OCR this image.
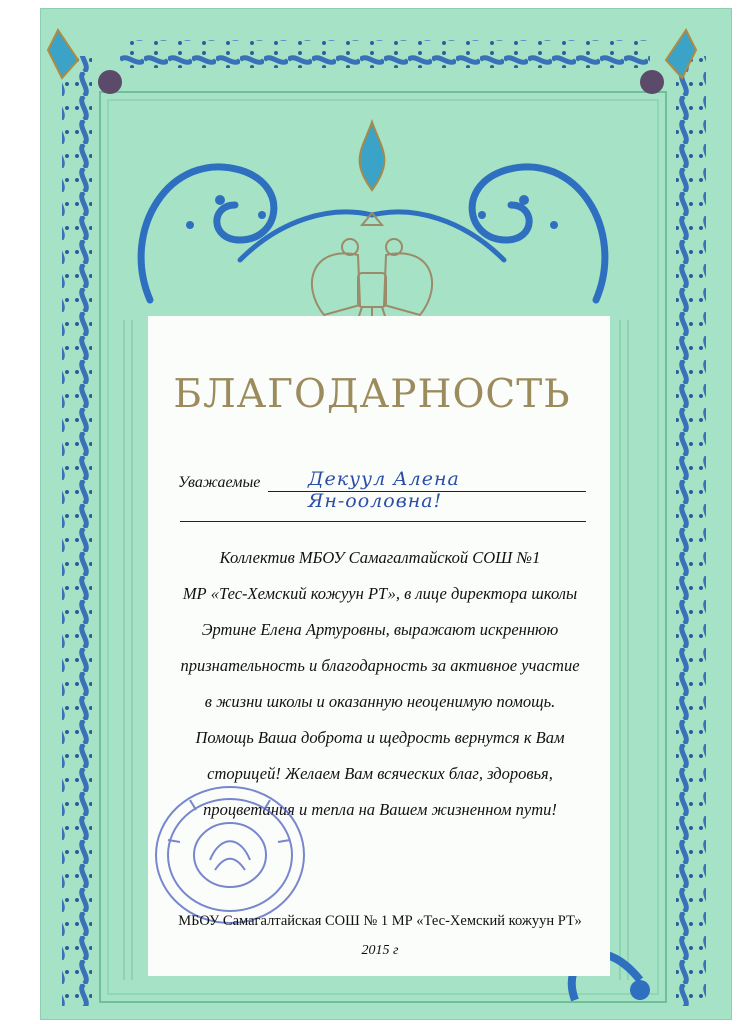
БЛАГОДАРНОСТЬ
Уважаемые	Декуул Алена Ян‑ооловна!
Коллектив МБОУ Самагалтайской СОШ №1
МР «Тес-Хемский кожуун РТ», в лице директора школы
Эртине Елена Артуровны, выражают искреннюю
признательность и благодарность за активное участие
в жизни школы и оказанную неоценимую помощь.
Помощь Ваша доброта и щедрость вернутся к Вам
сторицей! Желаем Вам всяческих благ, здоровья,
процветания и тепла на Вашем жизненном пути!
МБОУ Самагалтайская СОШ № 1 МР «Тес-Хемский кожуун РТ»
2015 г
